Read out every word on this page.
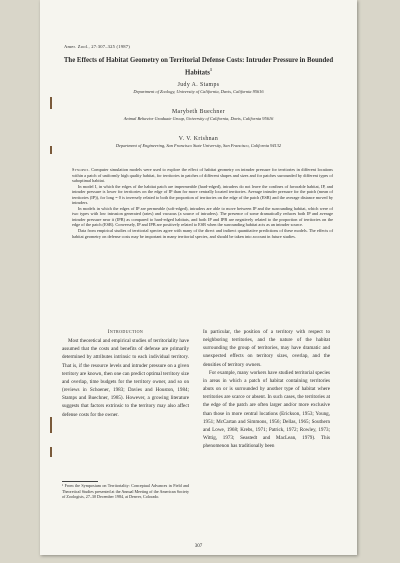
Amer. Zool., 27:307–325 (1987)
The Effects of Habitat Geometry on Territorial Defense Costs: Intruder Pressure in Bounded Habitats$^1$
Judy A. Stamps
Department of Zoology, University of California, Davis, California 95616
Marybeth Buechner
Animal Behavior Graduate Group, University of California, Davis, California 95616
V. V. Krishnan
Department of Engineering, San Francisco State University, San Francisco, California 94132

Synopsis. Computer simulation models were used to explore the effect of habitat geometry on intruder pressure for territories in different locations within a patch of uniformly high quality habitat, for territories in patches of different shapes and sizes and for patches surrounded by different types of suboptimal habitat.

In model I, in which the edges of the habitat patch are impermeable (hard-edged), intruders do not leave the confines of favorable habitat, IP, and intruder pressure is lower for territories on the edge of IP than for more centrally located territories. Average intruder pressure for the patch (mean of territories (IP)), for long = 0 is inversely related to both the proportion of territories on the edge of the patch (ESR) and the average distance moved by intruders.

In models in which the edges of IP are permeable (soft-edged), intruders are able to move between IP and the surrounding habitat, which were of two types with low intrusion generated (rates) and vacuous (a source of intruders). The presence of some dramatically reduces both IP and average intruder pressure near it (IPB) as compared to hard-edged habitats, and both IP and IPB are negatively related to the proportion of territories on the edge of the patch (ESR). Conversely, IP and IPB are positively related to ESR when the surrounding habitat acts as an intruder source.

Data from empirical studies of territorial species agree with many of the direct and indirect quantitative predictions of these models. The effects of habitat geometry on defense costs may be important in many territorial species, and should be taken into account in future studies.

Introduction

Most theoretical and empirical studies of territoriality have assumed that the costs and benefits of defense are primarily determined by attributes intrinsic to each individual territory. That is, if the resource levels and intruder pressure on a given territory are known, then one can predict optimal territory size and overlap, time budgets for the territory owner, and so on (reviews in Schoener, 1983; Davies and Houston, 1984; Stamps and Buechner, 1985). However, a growing literature suggests that factors extrinsic to the territory may also affect defense costs for the owner.

In particular, the position of a territory with respect to neighboring territories, and the nature of the habitat surrounding the group of territories, may have dramatic and unexpected effects on territory sizes, overlap, and the densities of territory owners.

For example, many workers have studied territorial species in areas in which a patch of habitat containing territories abuts on or is surrounded by another type of habitat where territories are scarce or absent. In such cases, the territories at the edge of the patch are often larger and/or more exclusive than those in more central locations (Erickson, 1953; Young, 1951; McCartan and Simmons, 1956; Dellas, 1965; Southern and Lowe, 1968; Krebs, 1971; Patrick, 1972; Rowley, 1973; Wittig, 1973; Seastedt and MacLean, 1979). This phenomenon has traditionally been

¹ From the Symposium on Territoriality: Conceptual Advances in Field and Theoretical Studies presented at the Annual Meeting of the American Society of Zoologists, 27–30 December 1984, at Denver, Colorado.
307
